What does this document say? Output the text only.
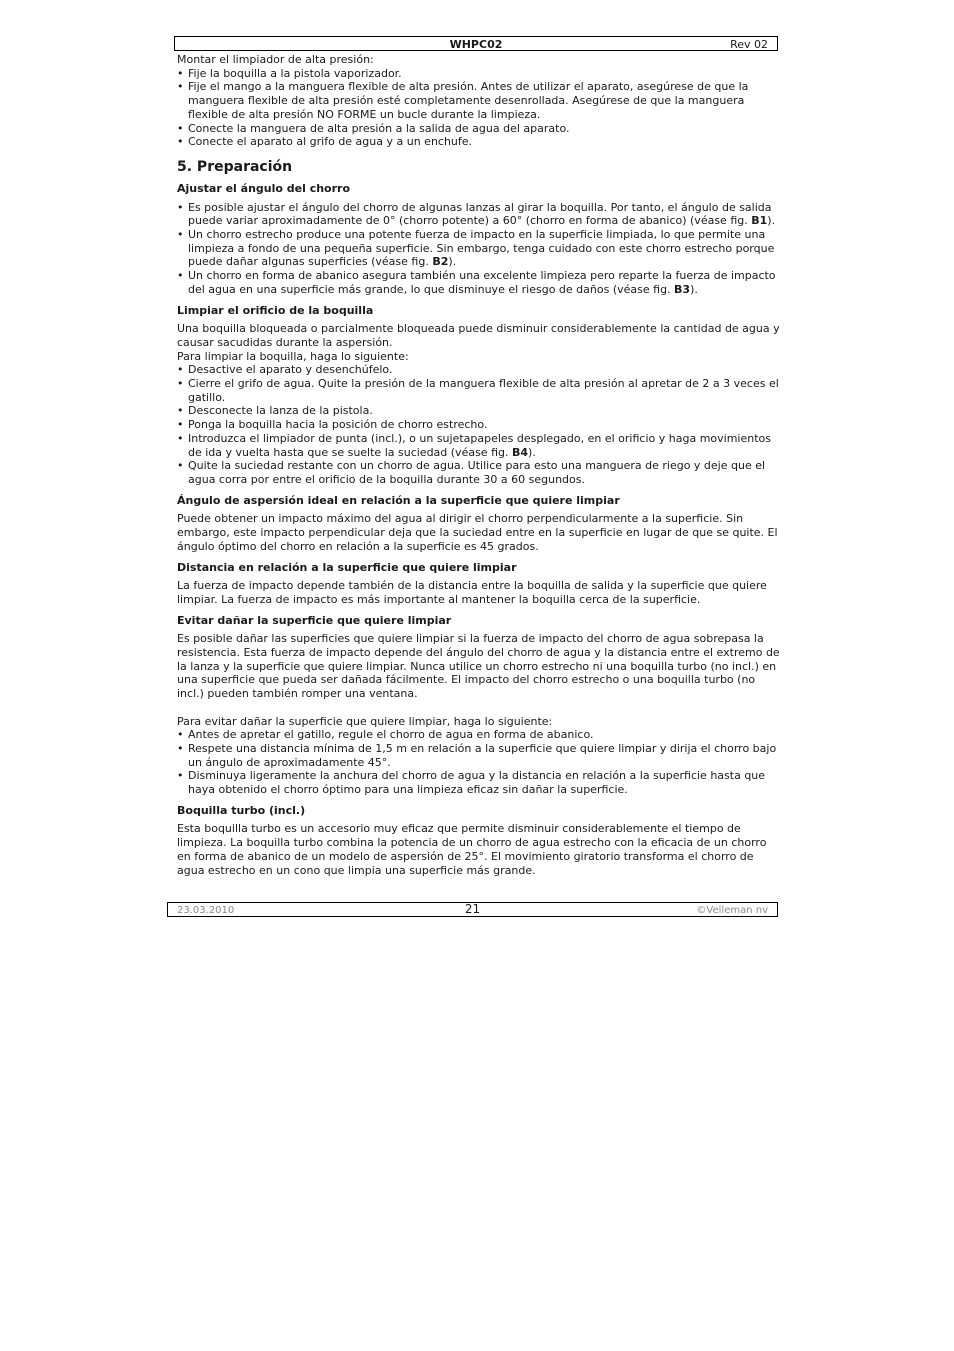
WHPC02	Rev 02

Montar el limpiador de alta presión:

• Fije la boquilla a la pistola vaporizador.
• Fije el mango a la manguera flexible de alta presión. Antes de utilizar el aparato, asegúrese de que la manguera flexible de alta presión esté completamente desenrollada. Asegúrese de que la manguera flexible de alta presión NO FORME un bucle durante la limpieza.
• Conecte la manguera de alta presión a la salida de agua del aparato.
• Conecte el aparato al grifo de agua y a un enchufe.
5. Preparación
Ajustar el ángulo del chorro
• Es posible ajustar el ángulo del chorro de algunas lanzas al girar la boquilla. Por tanto, el ángulo de salida puede variar aproximadamente de 0° (chorro potente) a 60° (chorro en forma de abanico) (véase fig. B1).
• Un chorro estrecho produce una potente fuerza de impacto en la superficie limpiada, lo que permite una limpieza a fondo de una pequeña superficie. Sin embargo, tenga cuidado con este chorro estrecho porque puede dañar algunas superficies (véase fig. B2).
• Un chorro en forma de abanico asegura también una excelente limpieza pero reparte la fuerza de impacto del agua en una superficie más grande, lo que disminuye el riesgo de daños (véase fig. B3).
Limpiar el orificio de la boquilla

Una boquilla bloqueada o parcialmente bloqueada puede disminuir considerablemente la cantidad de agua y causar sacudidas durante la aspersión.

Para limpiar la boquilla, haga lo siguiente:

• Desactive el aparato y desenchúfelo.
• Cierre el grifo de agua. Quite la presión de la manguera flexible de alta presión al apretar de 2 a 3 veces el gatillo.
• Desconecte la lanza de la pistola.
• Ponga la boquilla hacia la posición de chorro estrecho.
• Introduzca el limpiador de punta (incl.), o un sujetapapeles desplegado, en el orificio y haga movimientos de ida y vuelta hasta que se suelte la suciedad (véase fig. B4).
• Quite la suciedad restante con un chorro de agua. Utilice para esto una manguera de riego y deje que el agua corra por entre el orificio de la boquilla durante 30 a 60 segundos.
Ángulo de aspersión ideal en relación a la superficie que quiere limpiar

Puede obtener un impacto máximo del agua al dirigir el chorro perpendicularmente a la superficie. Sin embargo, este impacto perpendicular deja que la suciedad entre en la superficie en lugar de que se quite. El ángulo óptimo del chorro en relación a la superficie es 45 grados.

Distancia en relación a la superficie que quiere limpiar

La fuerza de impacto depende también de la distancia entre la boquilla de salida y la superficie que quiere limpiar. La fuerza de impacto es más importante al mantener la boquilla cerca de la superficie.

Evitar dañar la superficie que quiere limpiar

Es posible dañar las superficies que quiere limpiar si la fuerza de impacto del chorro de agua sobrepasa la resistencia. Esta fuerza de impacto depende del ángulo del chorro de agua y la distancia entre el extremo de la lanza y la superficie que quiere limpiar. Nunca utilice un chorro estrecho ni una boquilla turbo (no incl.) en una superficie que pueda ser dañada fácilmente. El impacto del chorro estrecho o una boquilla turbo (no incl.) pueden también romper una ventana.

Para evitar dañar la superficie que quiere limpiar, haga lo siguiente:

• Antes de apretar el gatillo, regule el chorro de agua en forma de abanico.
• Respete una distancia mínima de 1,5 m en relación a la superficie que quiere limpiar y dirija el chorro bajo un ángulo de aproximadamente 45°.
• Disminuya ligeramente la anchura del chorro de agua y la distancia en relación a la superficie hasta que haya obtenido el chorro óptimo para una limpieza eficaz sin dañar la superficie.
Boquilla turbo (incl.)

Esta boquilla turbo es un accesorio muy eficaz que permite disminuir considerablemente el tiempo de limpieza. La boquilla turbo combina la potencia de un chorro de agua estrecho con la eficacia de un chorro en forma de abanico de un modelo de aspersión de 25°. El movimiento giratorio transforma el chorro de agua estrecho en un cono que limpia una superficie más grande.

23.03.2010	21	©Velleman nv
